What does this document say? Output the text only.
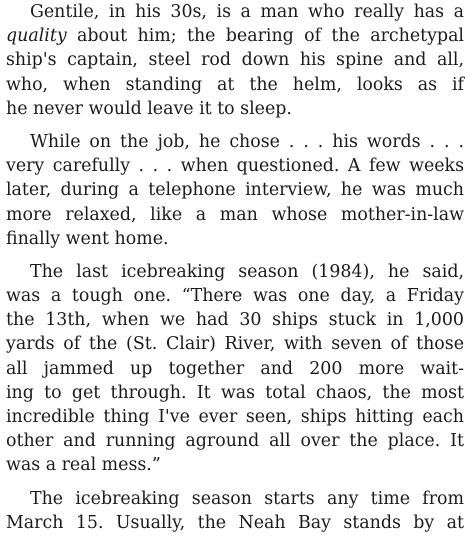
Gentile, in his 30s, is a man who really has a
quality about him; the bearing of the archetypal
ship's captain, steel rod down his spine and all,
who, when standing at the helm, looks as if
he never would leave it to sleep.
While on the job, he chose . . . his words . . .
very carefully . . . when questioned. A few weeks
later, during a telephone interview, he was much
more relaxed, like a man whose mother-in-law
finally went home.
The last icebreaking season (1984), he said,
was a tough one. “There was one day, a Friday
the 13th, when we had 30 ships stuck in 1,000
yards of the (St. Clair) River, with seven of those
all jammed up together and 200 more wait-
ing to get through. It was total chaos, the most
incredible thing I've ever seen, ships hitting each
other and running aground all over the place. It
was a real mess.”
The icebreaking season starts any time from
March 15. Usually, the Neah Bay stands by at
